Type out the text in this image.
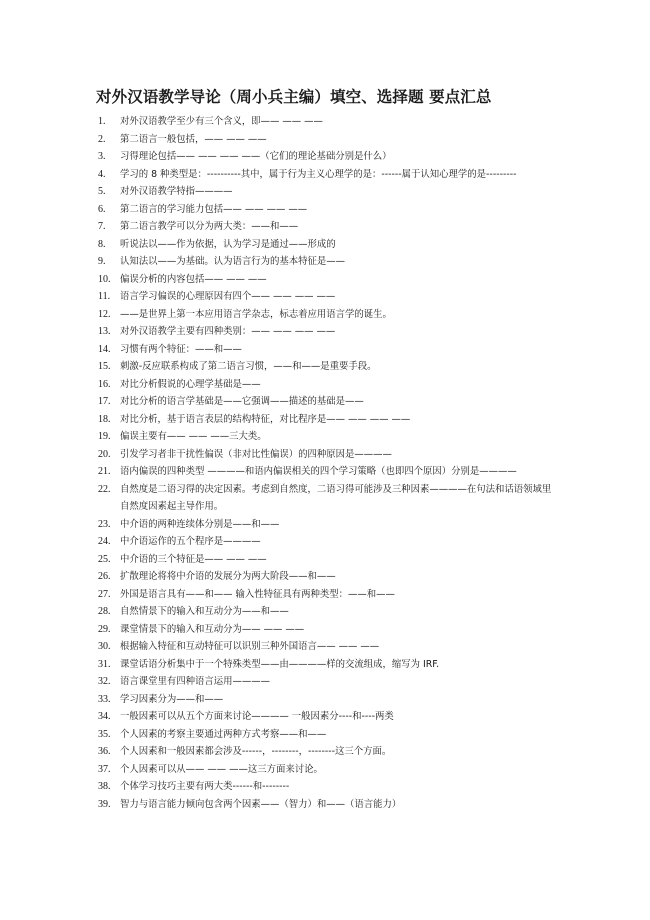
对外汉语教学导论（周小兵主编）填空、选择题 要点汇总
1.	对外汉语教学至少有三个含义，即—— —— ——
2.	第二语言一般包括，—— —— ——
3.	习得理论包括—— —— —— ——（它们的理论基础分别是什么）
4.	学习的 8 种类型是：----------其中，属于行为主义心理学的是：------属于认知心理学的是---------
5.	对外汉语教学特指————
6.	第二语言的学习能力包括—— —— —— ——
7.	第二语言教学可以分为两大类：——和——
8.	听说法以——作为依据，认为学习是通过——形成的
9.	认知法以——为基础。认为语言行为的基本特征是——
10.	偏误分析的内容包括—— —— ——
11.	语言学习偏误的心理原因有四个—— —— —— ——
12.	——是世界上第一本应用语言学杂志，标志着应用语言学的诞生。
13.	对外汉语教学主要有四种类别：—— —— —— ——
14.	习惯有两个特征：——和——
15.	刺激-反应联系构成了第二语言习惯，——和——是重要手段。
16.	对比分析假说的心理学基础是——
17.	对比分析的语言学基础是——它强调——描述的基础是——
18.	对比分析，基于语言表层的结构特征，对比程序是—— —— —— ——
19.	偏误主要有—— —— ——三大类。
20.	引发学习者非干扰性偏误（非对比性偏误）的四种原因是————
21.	语内偏误的四种类型 ————和语内偏误相关的四个学习策略（也即四个原因）分别是————
22.	自然度是二语习得的决定因素。考虑到自然度，二语习得可能涉及三种因素————在句法和话语领域里自然度因素起主导作用。
23.	中介语的两种连续体分别是——和——
24.	中介语运作的五个程序是————
25.	中介语的三个特征是—— —— ——
26.	扩散理论将将中介语的发展分为两大阶段——和——
27.	外国是语言具有——和—— 输入性特征具有两种类型：——和——
28.	自然情景下的输入和互动分为——和——
29.	课堂情景下的输入和互动分为—— —— ——
30.	根据输入特征和互动特征可以识别三种外国语言—— —— ——
31.	课堂话语分析集中于一个特殊类型——由————样的交流组成，缩写为 IRF.
32.	语言课堂里有四种语言运用————
33.	学习因素分为——和——
34.	一般因素可以从五个方面来讨论———— 一般因素分----和----两类
35.	个人因素的考察主要通过两种方式考察——和——
36.	个人因素和一般因素都会涉及------，--------，--------这三个方面。
37.	个人因素可以从—— —— ——这三方面来讨论。
38.	个体学习技巧主要有两大类------和--------
39.	智力与语言能力倾向包含两个因素——（智力）和——（语言能力）
